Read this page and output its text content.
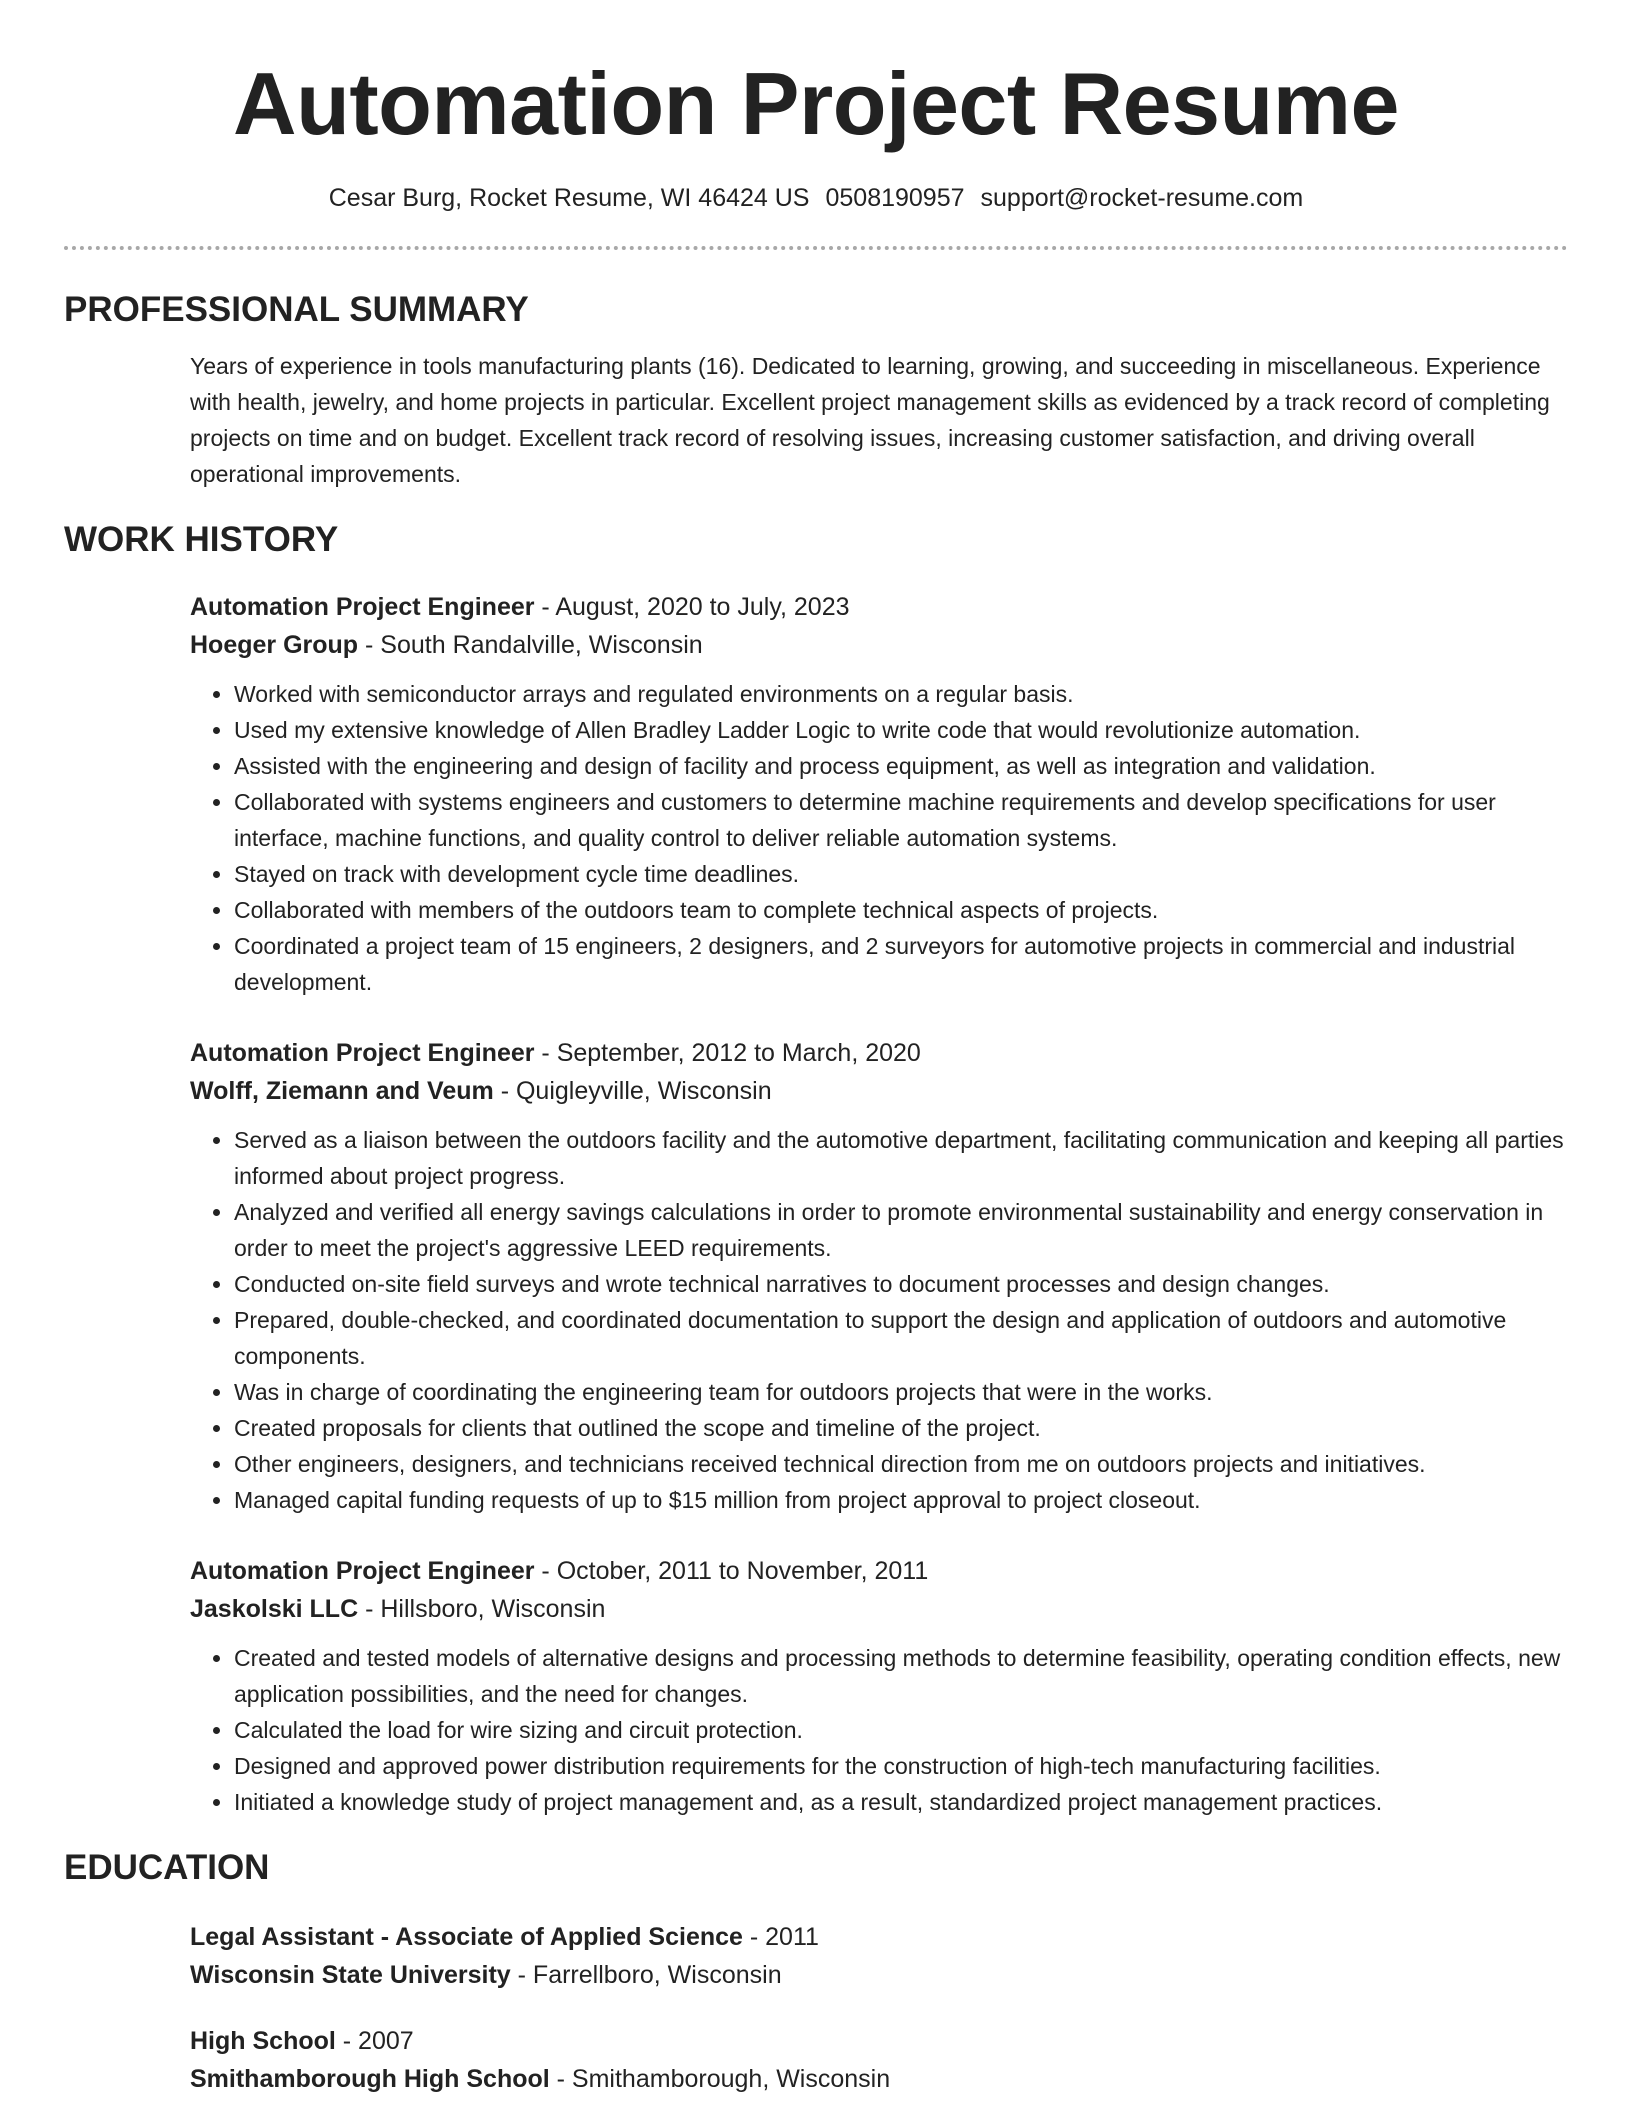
Automation Project Resume
Cesar Burg, Rocket Resume, WI 46424 US 0508190957 support@rocket-resume.com
PROFESSIONAL SUMMARY

Years of experience in tools manufacturing plants (16). Dedicated to learning, growing, and succeeding in miscellaneous. Experience with health, jewelry, and home projects in particular. Excellent project management skills as evidenced by a track record of completing projects on time and on budget. Excellent track record of resolving issues, increasing customer satisfaction, and driving overall operational improvements.

WORK HISTORY
Automation Project Engineer - August, 2020 to July, 2023
Hoeger Group - South Randalville, Wisconsin
• Worked with semiconductor arrays and regulated environments on a regular basis.
• Used my extensive knowledge of Allen Bradley Ladder Logic to write code that would revolutionize automation.
• Assisted with the engineering and design of facility and process equipment, as well as integration and validation.
• Collaborated with systems engineers and customers to determine machine requirements and develop specifications for user interface, machine functions, and quality control to deliver reliable automation systems.
• Stayed on track with development cycle time deadlines.
• Collaborated with members of the outdoors team to complete technical aspects of projects.
• Coordinated a project team of 15 engineers, 2 designers, and 2 surveyors for automotive projects in commercial and industrial development.
Automation Project Engineer - September, 2012 to March, 2020
Wolff, Ziemann and Veum - Quigleyville, Wisconsin
• Served as a liaison between the outdoors facility and the automotive department, facilitating communication and keeping all parties informed about project progress.
• Analyzed and verified all energy savings calculations in order to promote environmental sustainability and energy conservation in order to meet the project's aggressive LEED requirements.
• Conducted on-site field surveys and wrote technical narratives to document processes and design changes.
• Prepared, double-checked, and coordinated documentation to support the design and application of outdoors and automotive components.
• Was in charge of coordinating the engineering team for outdoors projects that were in the works.
• Created proposals for clients that outlined the scope and timeline of the project.
• Other engineers, designers, and technicians received technical direction from me on outdoors projects and initiatives.
• Managed capital funding requests of up to $15 million from project approval to project closeout.
Automation Project Engineer - October, 2011 to November, 2011
Jaskolski LLC - Hillsboro, Wisconsin
• Created and tested models of alternative designs and processing methods to determine feasibility, operating condition effects, new application possibilities, and the need for changes.
• Calculated the load for wire sizing and circuit protection.
• Designed and approved power distribution requirements for the construction of high-tech manufacturing facilities.
• Initiated a knowledge study of project management and, as a result, standardized project management practices.
EDUCATION
Legal Assistant - Associate of Applied Science - 2011
Wisconsin State University - Farrellboro, Wisconsin
High School - 2007
Smithamborough High School - Smithamborough, Wisconsin
